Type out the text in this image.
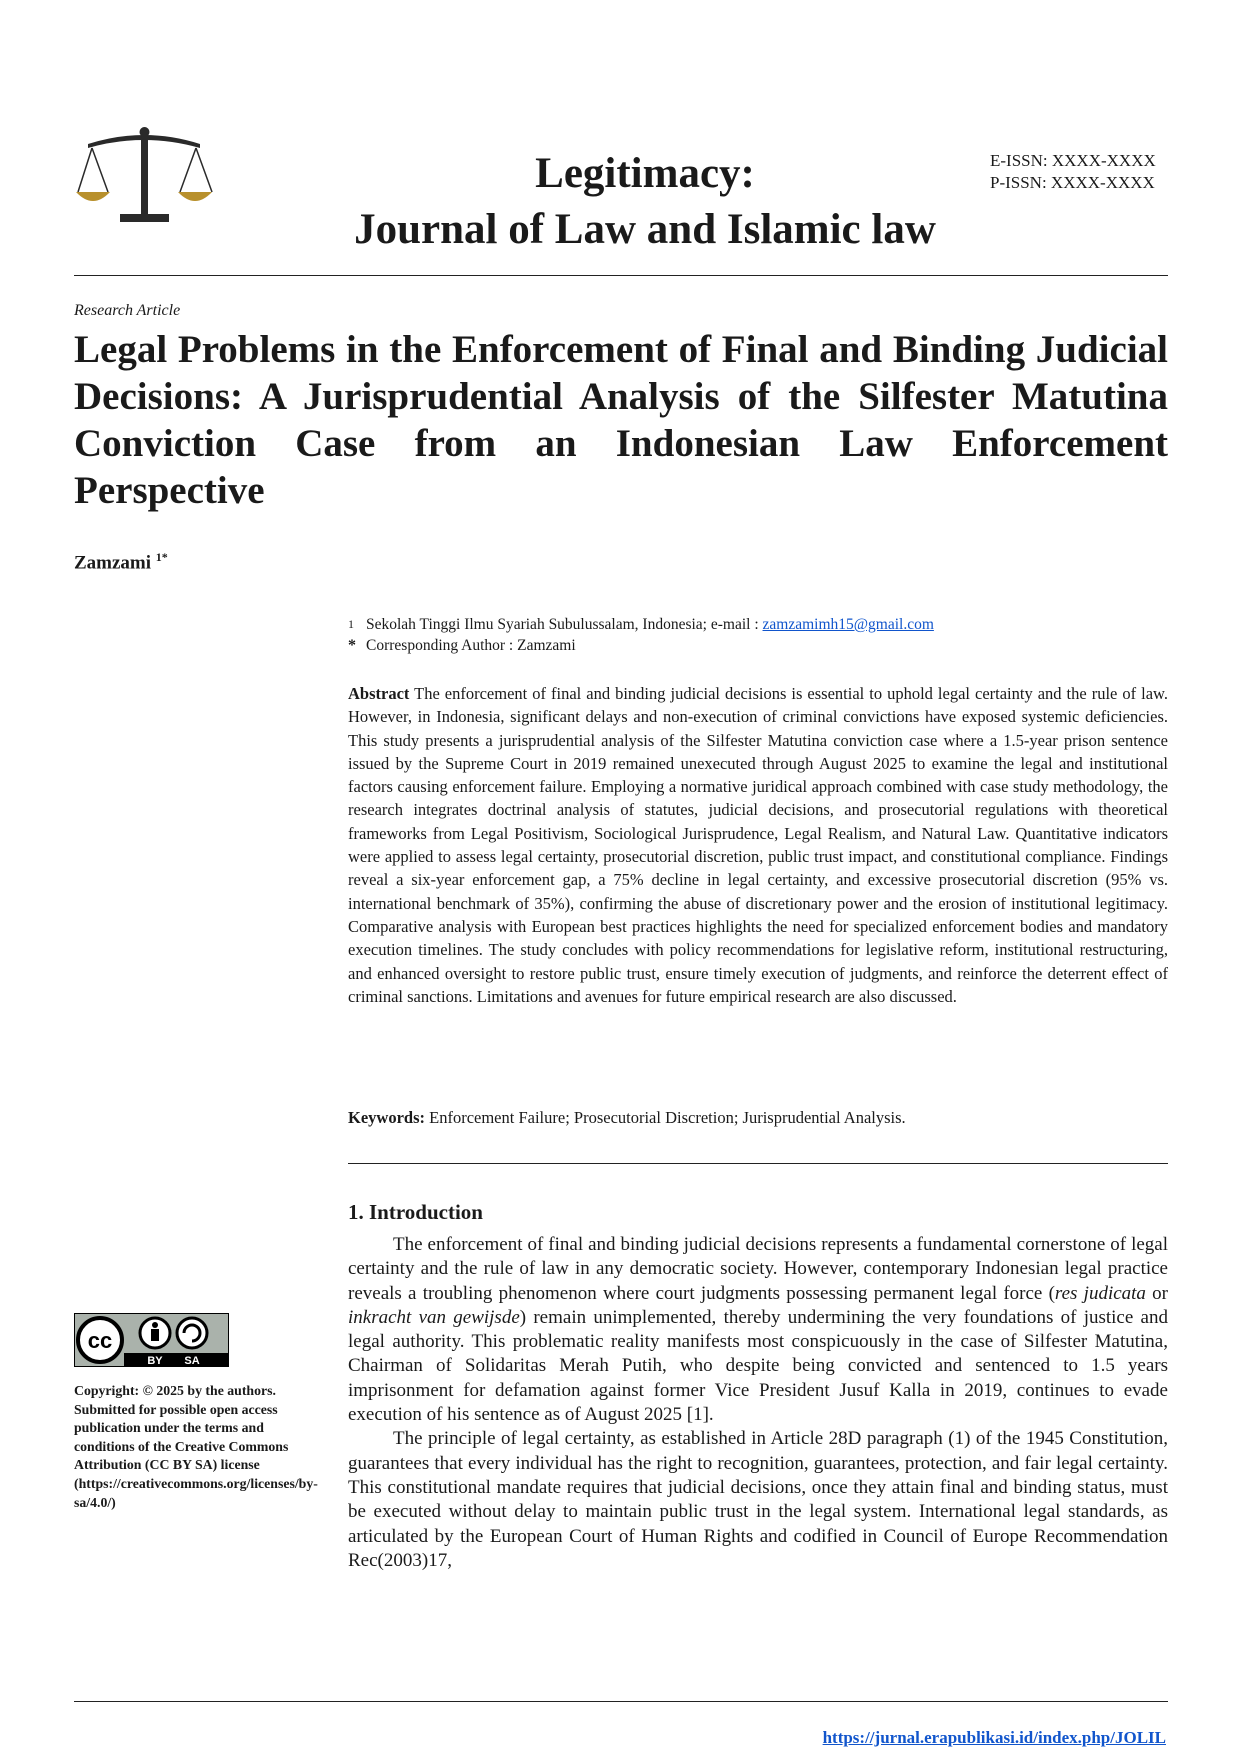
Legitimacy:
Journal of Law and Islamic law
E-ISSN: XXXX-XXXX
P-ISSN: XXXX-XXXX
Research Article
Legal Problems in the Enforcement of Final and Binding Judicial Decisions: A Jurisprudential Analysis of the Silfester Matutina Conviction Case from an Indonesian Law Enforcement Perspective
Zamzami $^{1*}$
1 Sekolah Tinggi Ilmu Syariah Subulussalam, Indonesia; e-mail : zamzamimh15@gmail.com
* Corresponding Author : Zamzami
Abstract The enforcement of final and binding judicial decisions is essential to uphold legal certainty and the rule of law. However, in Indonesia, significant delays and non-execution of criminal convictions have exposed systemic deficiencies. This study presents a jurisprudential analysis of the Silfester Matutina conviction case where a 1.5-year prison sentence issued by the Supreme Court in 2019 remained unexecuted through August 2025 to examine the legal and institutional factors causing enforcement failure. Employing a normative juridical approach combined with case study methodology, the research integrates doctrinal analysis of statutes, judicial decisions, and prosecutorial regulations with theoretical frameworks from Legal Positivism, Sociological Jurisprudence, Legal Realism, and Natural Law. Quantitative indicators were applied to assess legal certainty, prosecutorial discretion, public trust impact, and constitutional compliance. Findings reveal a six-year enforcement gap, a 75% decline in legal certainty, and excessive prosecutorial discretion (95% vs. international benchmark of 35%), confirming the abuse of discretionary power and the erosion of institutional legitimacy. Comparative analysis with European best practices highlights the need for specialized enforcement bodies and mandatory execution timelines. The study concludes with policy recommendations for legislative reform, institutional restructuring, and enhanced oversight to restore public trust, ensure timely execution of judgments, and reinforce the deterrent effect of criminal sanctions. Limitations and avenues for future empirical research are also discussed.
Keywords: Enforcement Failure; Prosecutorial Discretion; Jurisprudential Analysis.
cc
BY SA
Copyright: © 2025 by the authors. Submitted for possible open access publication under the terms and conditions of the Creative Commons Attribution (CC BY SA) license (https://creativecommons.org/licenses/by-sa/4.0/)
1. Introduction

The enforcement of final and binding judicial decisions represents a fundamental cornerstone of legal certainty and the rule of law in any democratic society. However, contemporary Indonesian legal practice reveals a troubling phenomenon where court judgments possessing permanent legal force (res judicata or inkracht van gewijsde) remain unimplemented, thereby undermining the very foundations of justice and legal authority. This problematic reality manifests most conspicuously in the case of Silfester Matutina, Chairman of Solidaritas Merah Putih, who despite being convicted and sentenced to 1.5 years imprisonment for defamation against former Vice President Jusuf Kalla in 2019, continues to evade execution of his sentence as of August 2025 [1].

The principle of legal certainty, as established in Article 28D paragraph (1) of the 1945 Constitution, guarantees that every individual has the right to recognition, guarantees, protection, and fair legal certainty. This constitutional mandate requires that judicial decisions, once they attain final and binding status, must be executed without delay to maintain public trust in the legal system. International legal standards, as articulated by the European Court of Human Rights and codified in Council of Europe Recommendation Rec(2003)17,

https://jurnal.erapublikasi.id/index.php/JOLIL
